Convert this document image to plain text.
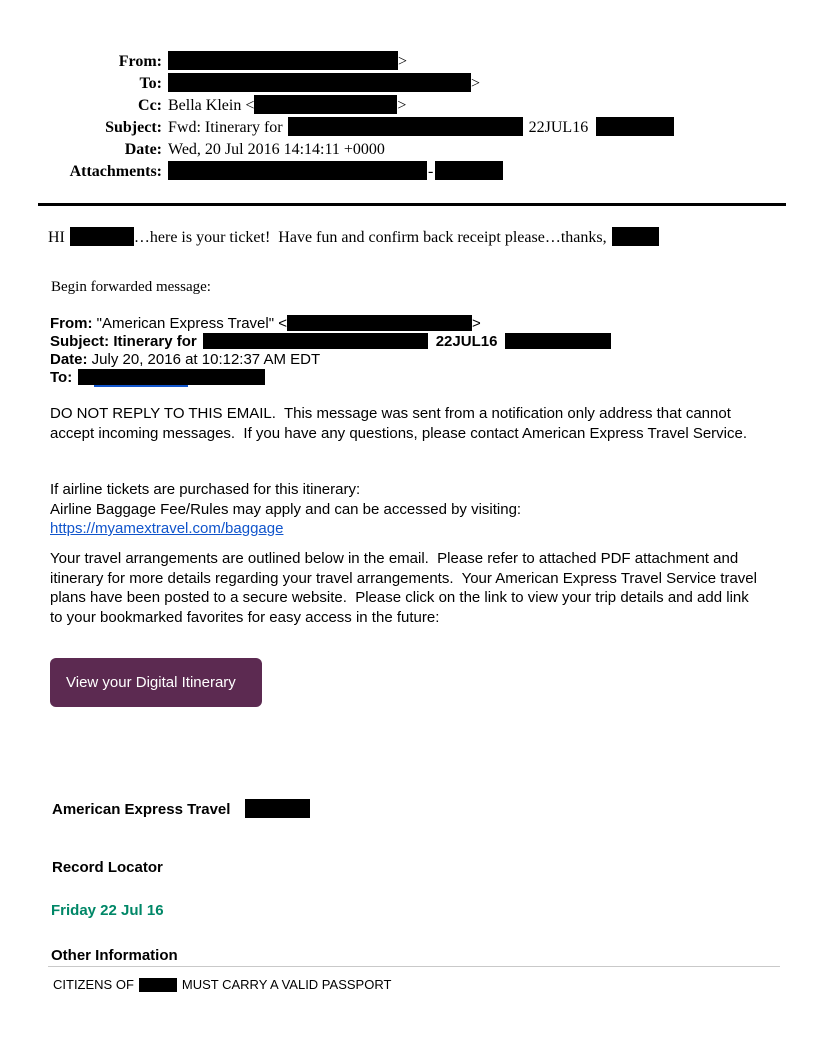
From:	>
To:	>
Cc: Bella Klein <	>
Subject: Fwd: Itinerary for	22JUL16
Date: Wed, 20 Jul 2016 14:14:11 +0000
Attachments:	-
HI	…here is your ticket!  Have fun and confirm back receipt please…thanks,
Begin forwarded message:
From: "American Express Travel" <	>
Subject: Itinerary for	22JUL16
Date: July 20, 2016 at 10:12:37 AM EDT
To:

DO NOT REPLY TO THIS EMAIL.  This message was sent from a notification only address that cannot accept incoming messages.  If you have any questions, please contact American Express Travel Service.

If airline tickets are purchased for this itinerary:
Airline Baggage Fee/Rules may apply and can be accessed by visiting:
https://myamextravel.com/baggage

Your travel arrangements are outlined below in the email.  Please refer to attached PDF attachment and itinerary for more details regarding your travel arrangements.  Your American Express Travel Service travel plans have been posted to a secure website.  Please click on the link to view your trip details and add link to your bookmarked favorites for easy access in the future:

View your Digital Itinerary

American Express Travel

Record Locator

Friday 22 Jul 16
Other Information
CITIZENS OF	MUST CARRY A VALID PASSPORT
